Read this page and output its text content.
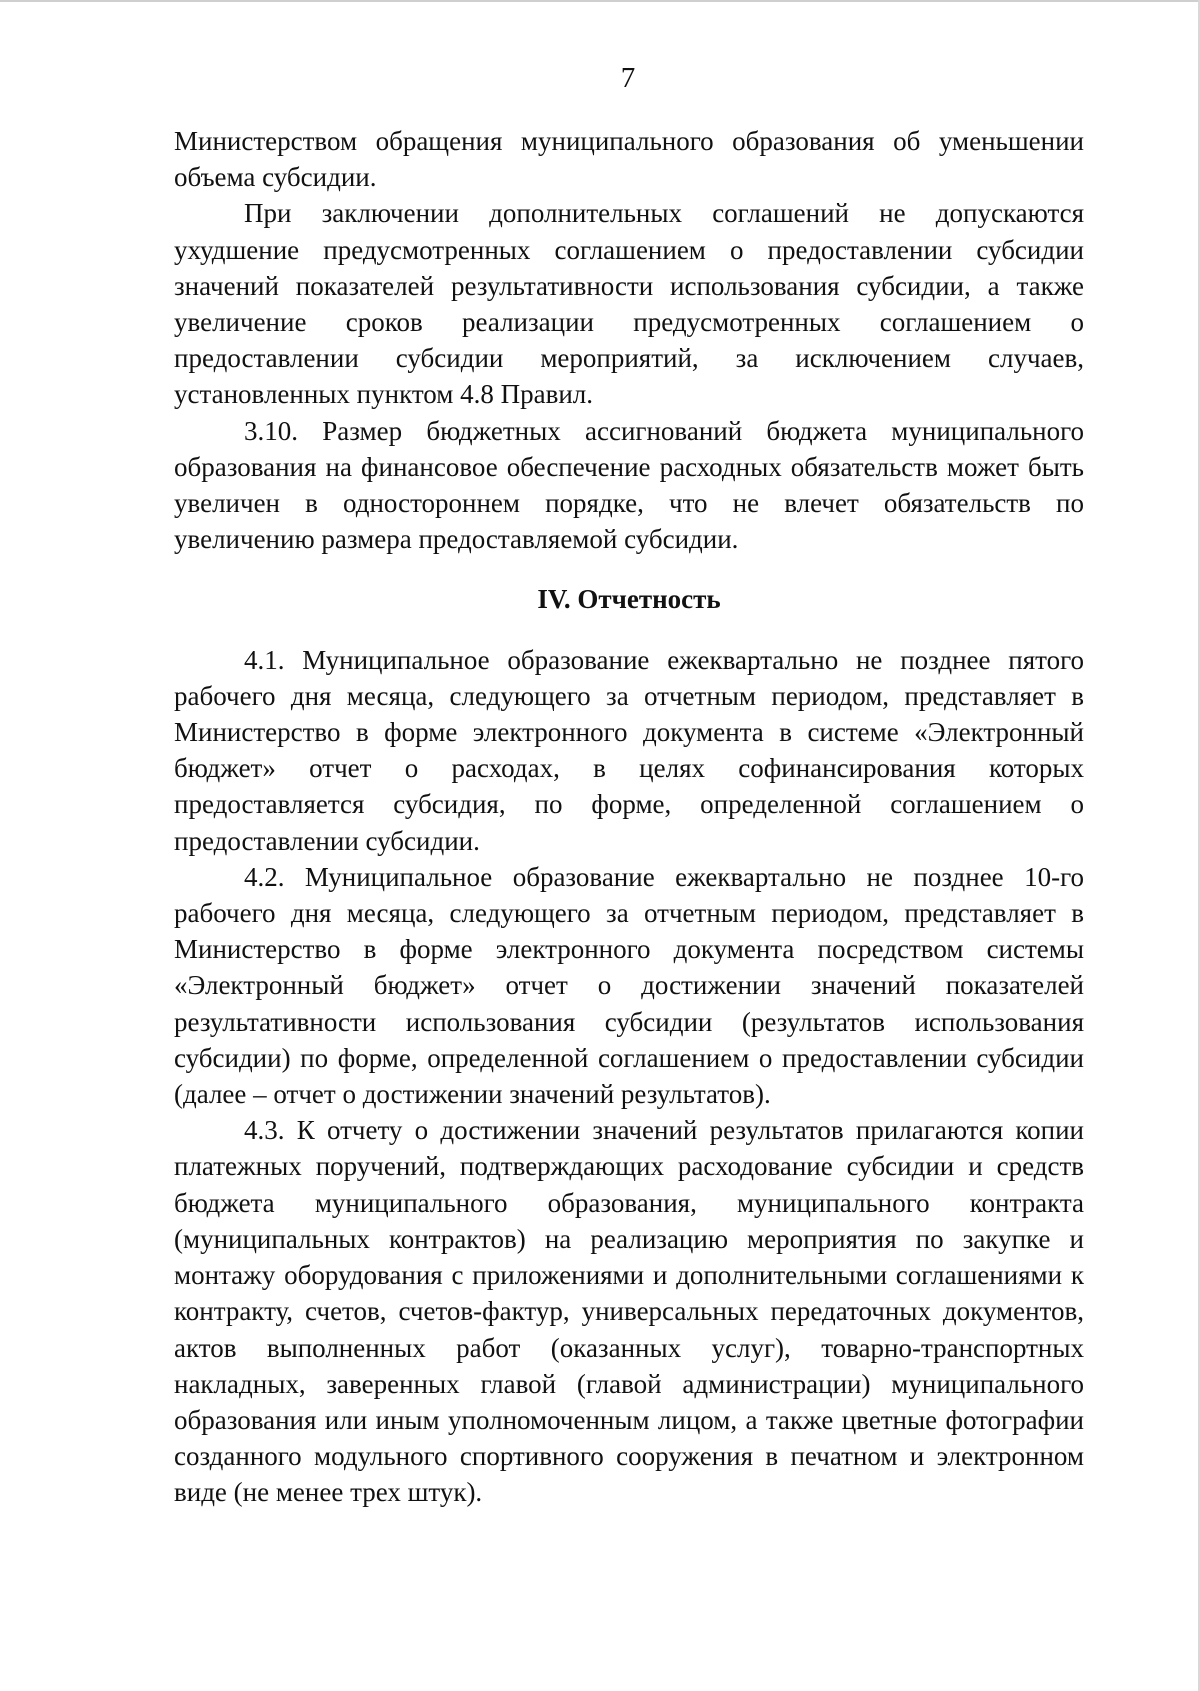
7

Министерством обращения муниципального образования об уменьшении объема субсидии.

При заключении дополнительных соглашений не допускаются ухудшение предусмотренных соглашением о предоставлении субсидии значений показателей результативности использования субсидии, а также увеличение сроков реализации предусмотренных соглашением о предоставлении субсидии мероприятий, за исключением случаев, установленных пунктом 4.8 Правил.

3.10. Размер бюджетных ассигнований бюджета муниципального образования на финансовое обеспечение расходных обязательств может быть увеличен в одностороннем порядке, что не влечет обязательств по увеличению размера предоставляемой субсидии.

IV. Отчетность

4.1. Муниципальное образование ежеквартально не позднее пятого рабочего дня месяца, следующего за отчетным периодом, представляет в Министерство в форме электронного документа в системе «Электронный бюджет» отчет о расходах, в целях софинансирования которых предоставляется субсидия, по форме, определенной соглашением о предоставлении субсидии.

4.2. Муниципальное образование ежеквартально не позднее 10-го рабочего дня месяца, следующего за отчетным периодом, представляет в Министерство в форме электронного документа посредством системы «Электронный бюджет» отчет о достижении значений показателей результативности использования субсидии (результатов использования субсидии) по форме, определенной соглашением о предоставлении субсидии (далее – отчет о достижении значений результатов).

4.3. К отчету о достижении значений результатов прилагаются копии платежных поручений, подтверждающих расходование субсидии и средств бюджета муниципального образования, муниципального контракта (муниципальных контрактов) на реализацию мероприятия по закупке и монтажу оборудования с приложениями и дополнительными соглашениями к контракту, счетов, счетов-фактур, универсальных передаточных документов, актов выполненных работ (оказанных услуг), товарно-транспортных накладных, заверенных главой (главой администрации) муниципального образования или иным уполномоченным лицом, а также цветные фотографии созданного модульного спортивного сооружения в печатном и электронном виде (не менее трех штук).
